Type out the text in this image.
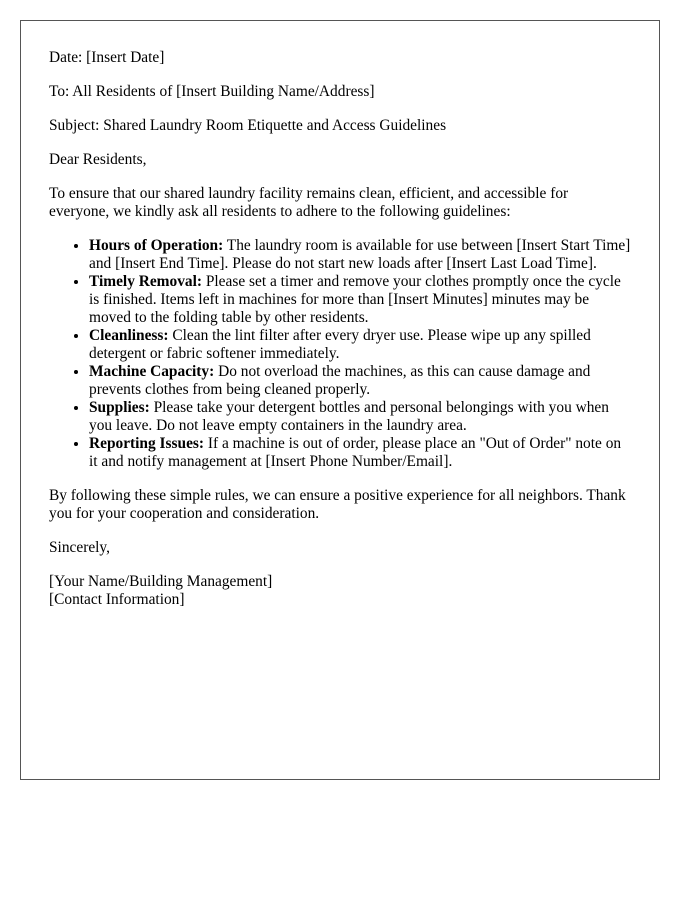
Date: [Insert Date]

To: All Residents of [Insert Building Name/Address]

Subject: Shared Laundry Room Etiquette and Access Guidelines

Dear Residents,

To ensure that our shared laundry facility remains clean, efficient, and accessible for everyone, we kindly ask all residents to adhere to the following guidelines:

• Hours of Operation: The laundry room is available for use between [Insert Start Time] and [Insert End Time]. Please do not start new loads after [Insert Last Load Time].
• Timely Removal: Please set a timer and remove your clothes promptly once the cycle is finished. Items left in machines for more than [Insert Minutes] minutes may be moved to the folding table by other residents.
• Cleanliness: Clean the lint filter after every dryer use. Please wipe up any spilled detergent or fabric softener immediately.
• Machine Capacity: Do not overload the machines, as this can cause damage and prevents clothes from being cleaned properly.
• Supplies: Please take your detergent bottles and personal belongings with you when you leave. Do not leave empty containers in the laundry area.
• Reporting Issues: If a machine is out of order, please place an "Out of Order" note on it and notify management at [Insert Phone Number/Email].

By following these simple rules, we can ensure a positive experience for all neighbors. Thank you for your cooperation and consideration.

Sincerely,

[Your Name/Building Management]

[Contact Information]
